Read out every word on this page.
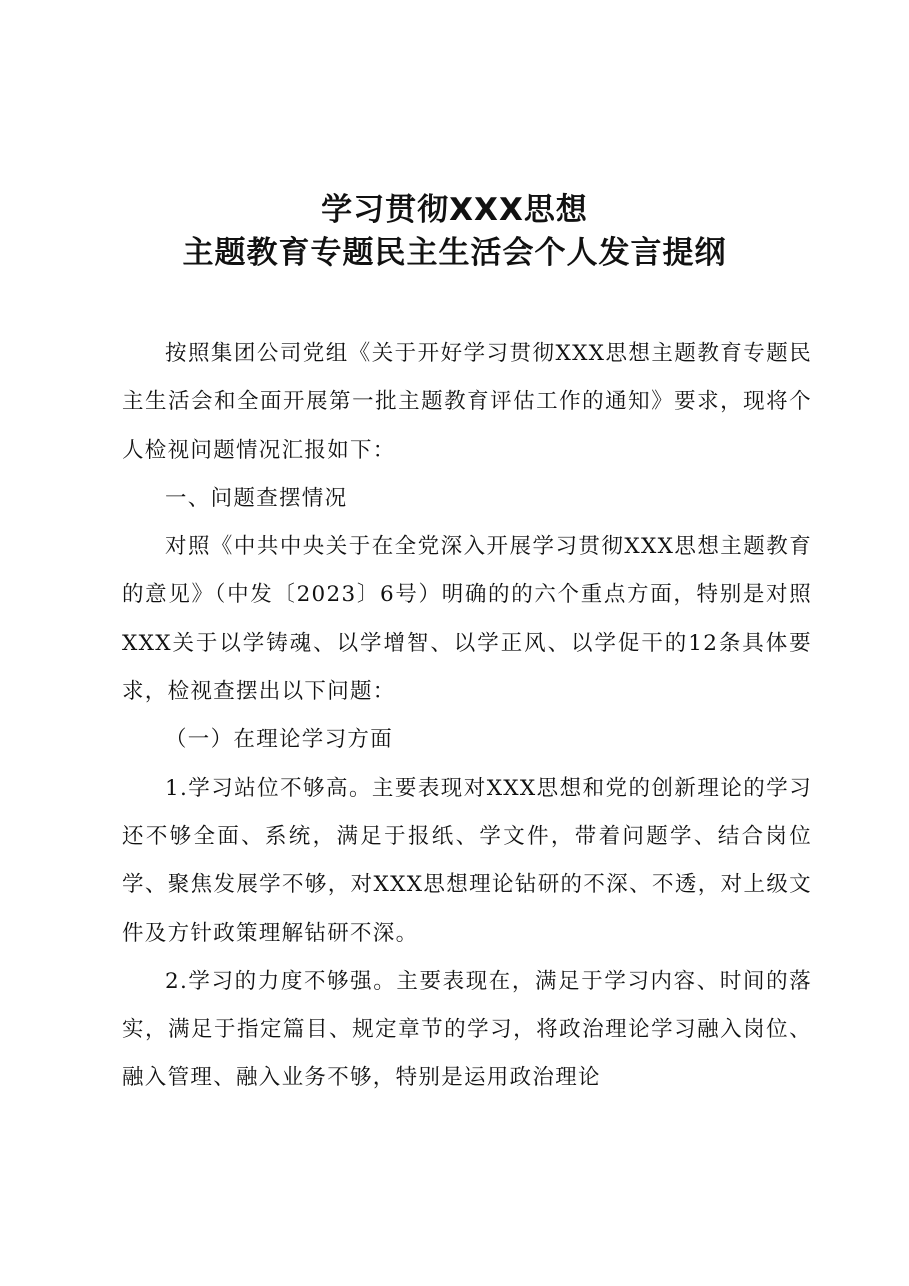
学习贯彻XXX思想
主题教育专题民主生活会个人发言提纲

按照集团公司党组《关于开好学习贯彻XXX思想主题教育专题民主生活会和全面开展第一批主题教育评估工作的通知》要求，现将个人检视问题情况汇报如下：

一、问题查摆情况

对照《中共中央关于在全党深入开展学习贯彻XXX思想主题教育的意见》（中发〔2023〕6号）明确的的六个重点方面，特别是对照XXX关于以学铸魂、以学增智、以学正风、以学促干的12条具体要求，检视查摆出以下问题：

（一）在理论学习方面

1.学习站位不够高。主要表现对XXX思想和党的创新理论的学习还不够全面、系统，满足于报纸、学文件，带着问题学、结合岗位学、聚焦发展学不够，对XXX思想理论钻研的不深、不透，对上级文件及方针政策理解钻研不深。

2.学习的力度不够强。主要表现在，满足于学习内容、时间的落实，满足于指定篇目、规定章节的学习，将政治理论学习融入岗位、融入管理、融入业务不够，特别是运用政治理论
